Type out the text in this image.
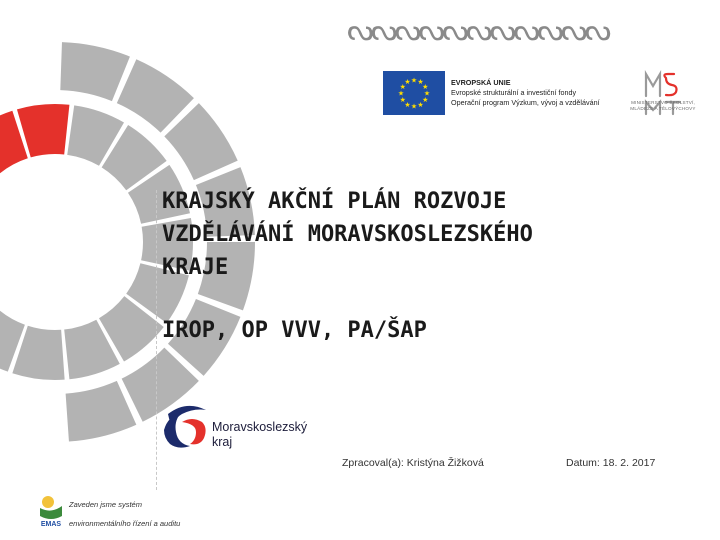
ᔓᔓᔓᔓᔓᔓᔓᔓᔓᔓᔓ
★
★
★
★
★
★
★
★
★ ★ ★
★	EVROPSKÁ UNIE
Evropské strukturální a investiční fondy
Operační program Výzkum, vývoj a vzdělávání	MINISTERSTVO ŠKOLSTVÍ,
MLÁDEŽE A TĚLOVÝCHOVY
KRAJSKÝ AKČNÍ PLÁN ROZVOJE
VZDĚLÁVÁNÍ MORAVSKOSLEZSKÉHO
KRAJE
IROP, OP VVV, PA/ŠAP
Moravskoslezský
kraj
Zpracoval(a): Kristýna Žižková	Datum: 18. 2. 2017
EMAS
Zaveden jsme systém
environmentálního řízení a auditu
